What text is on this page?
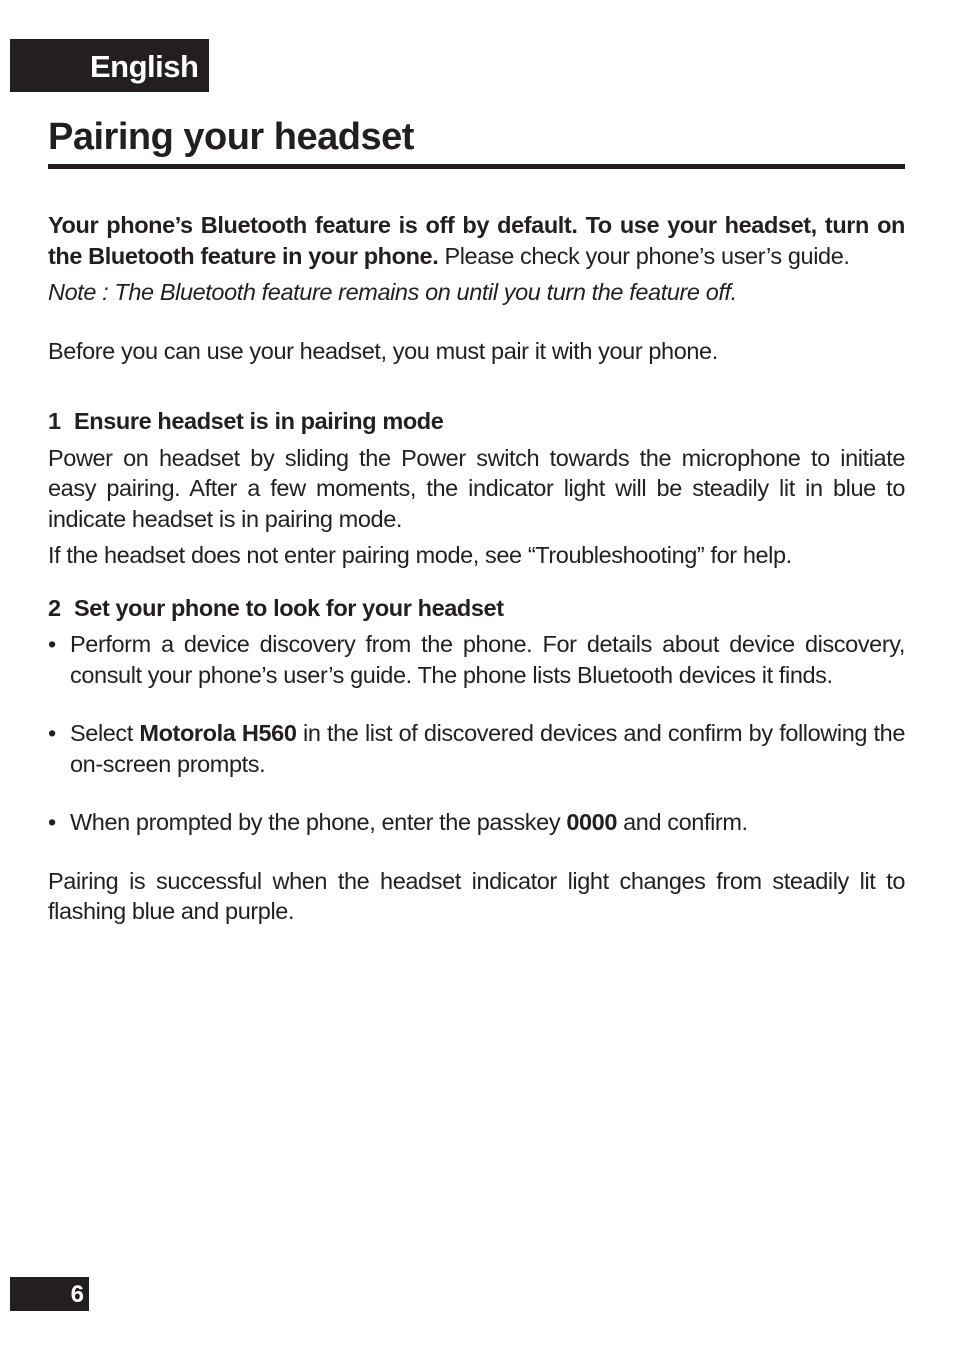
English
Pairing your headset

Your phone’s Bluetooth feature is off by default. To use your headset, turn on the Bluetooth feature in your phone. Please check your phone’s user’s guide.

Note : The Bluetooth feature remains on until you turn the feature off.

Before you can use your headset, you must pair it with your phone.

1 Ensure headset is in pairing mode

Power on headset by sliding the Power switch towards the microphone to initiate easy pairing. After a few moments, the indicator light will be steadily lit in blue to indicate headset is in pairing mode.

If the headset does not enter pairing mode, see “Troubleshooting” for help.

2 Set your phone to look for your headset

• Perform a device discovery from the phone. For details about device discovery, consult your phone’s user’s guide. The phone lists Bluetooth devices it finds.
• Select Motorola H560 in the list of discovered devices and confirm by following the on-screen prompts.
• When prompted by the phone, enter the passkey 0000 and confirm.

Pairing is successful when the headset indicator light changes from steadily lit to flashing blue and purple.

6
